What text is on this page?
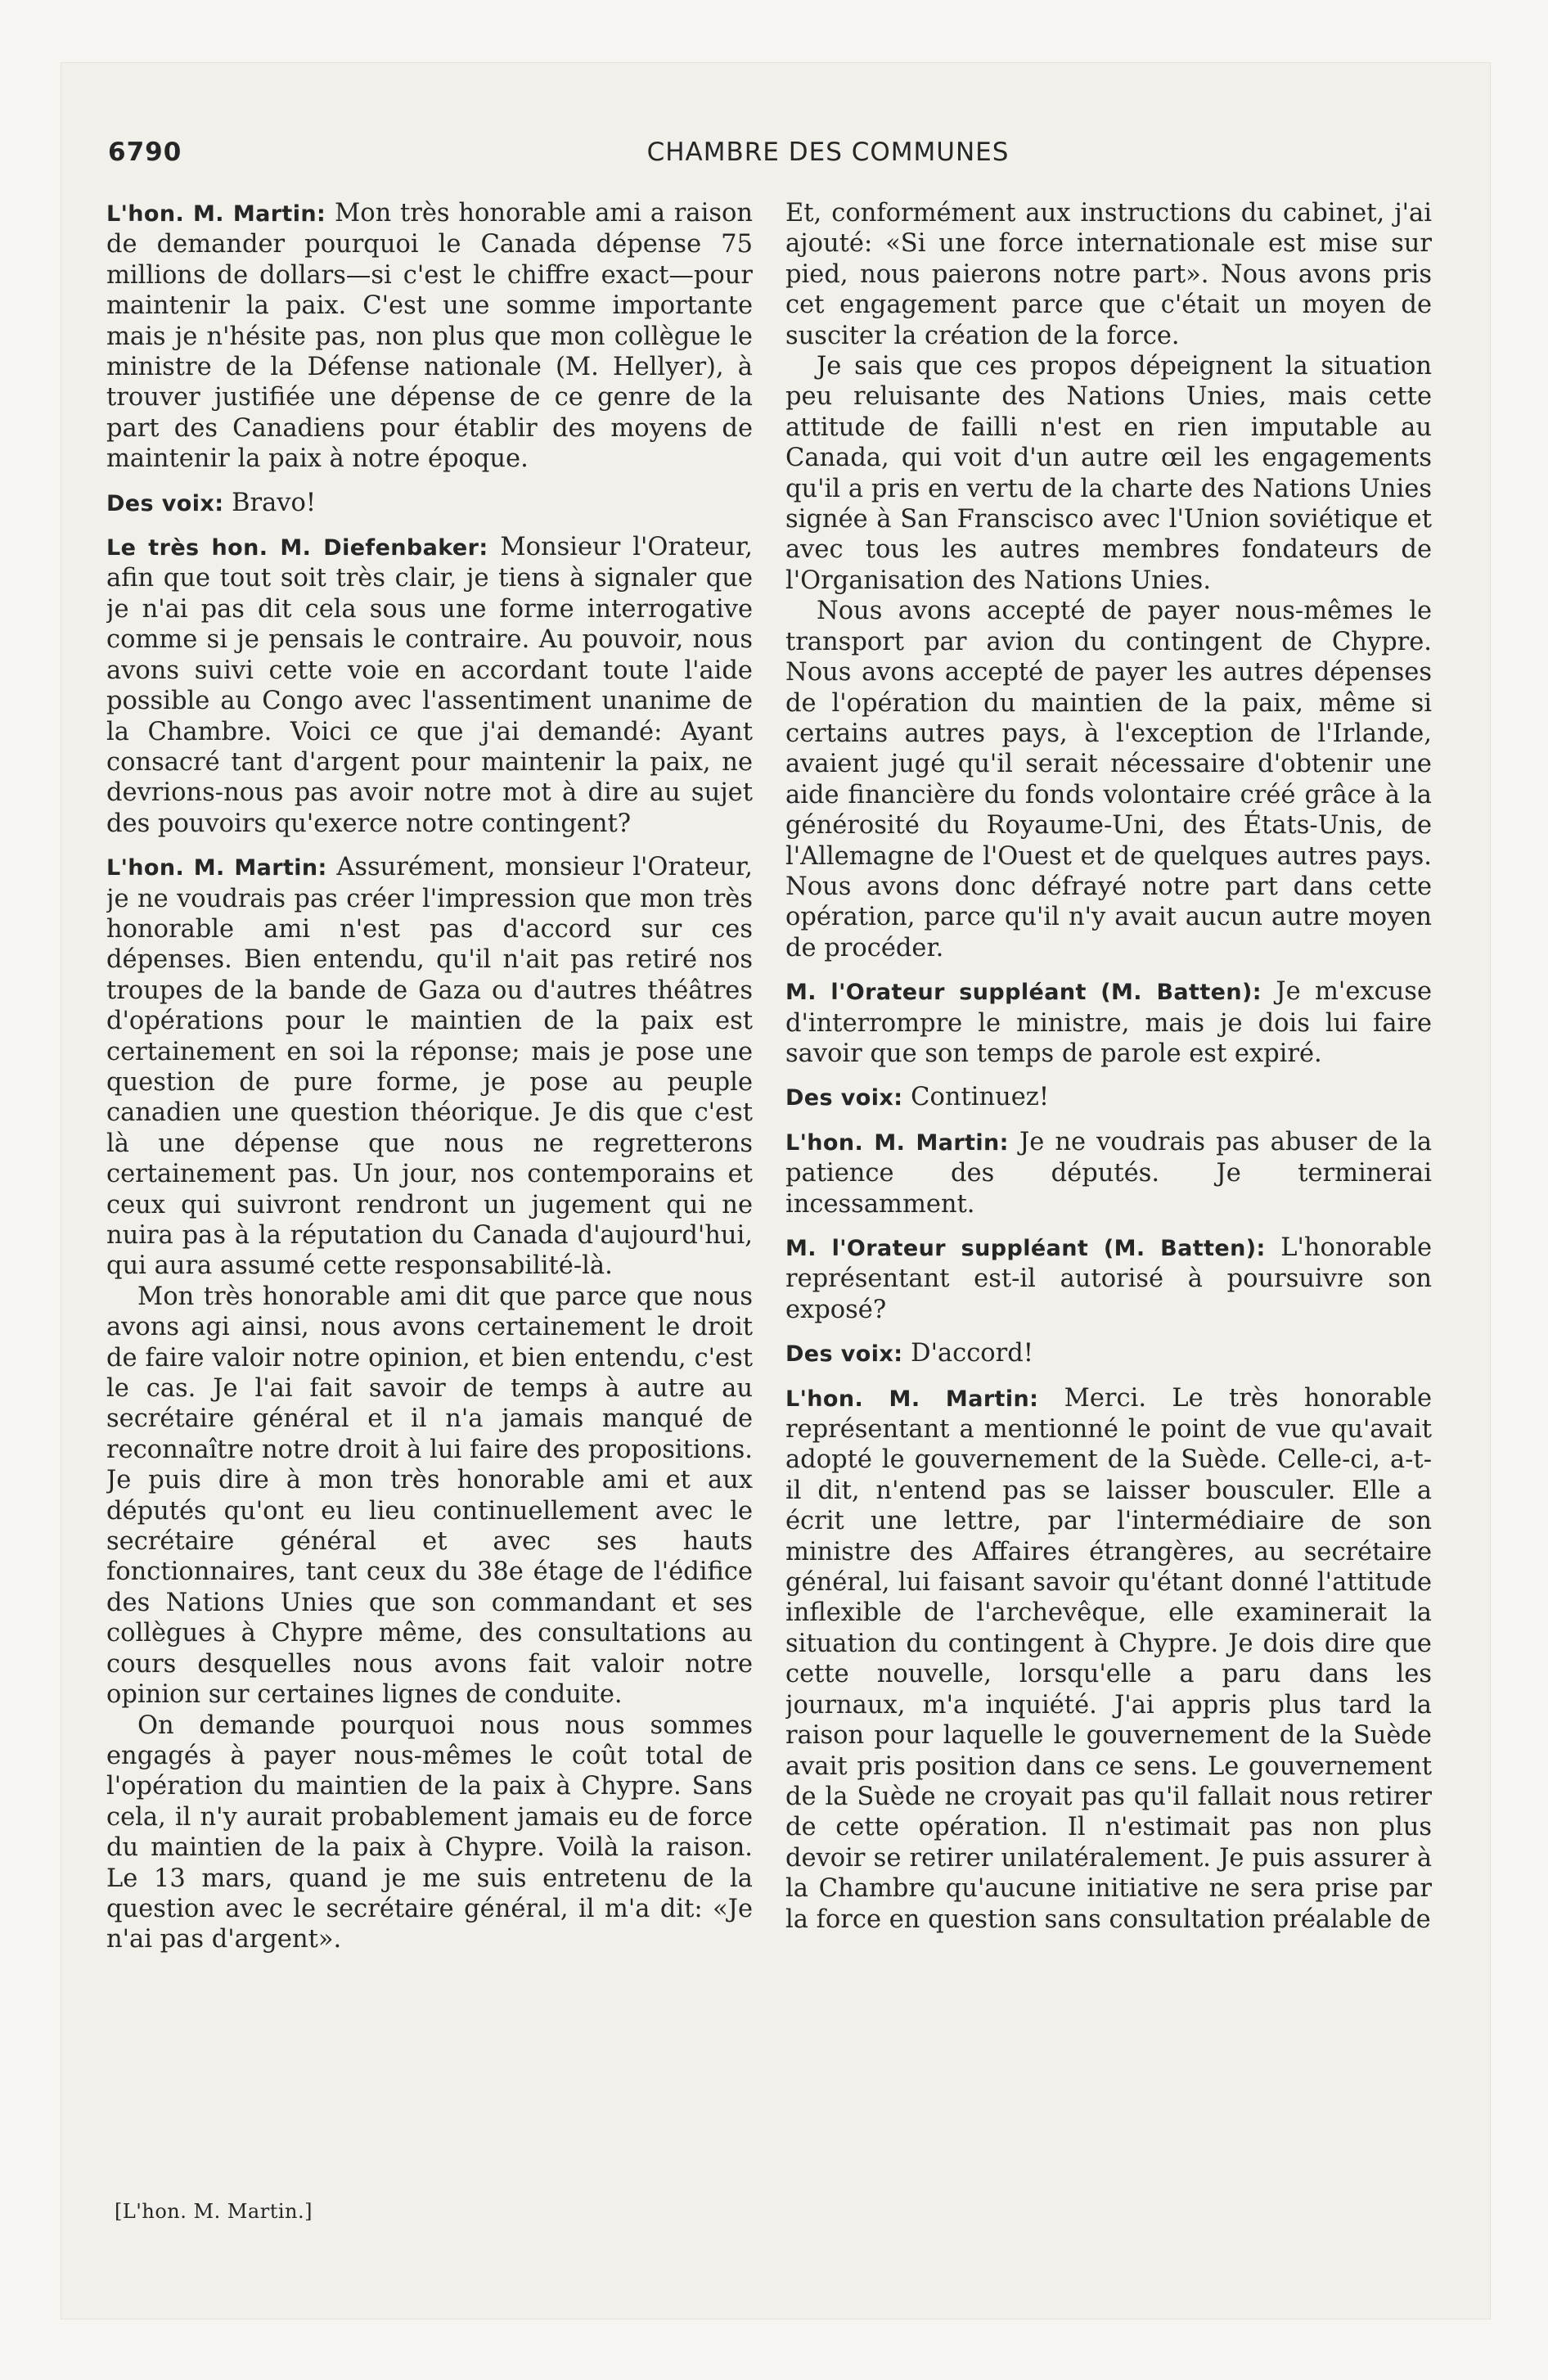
6790	CHAMBRE DES COMMUNES

L'hon. M. Martin: Mon très honorable ami a raison de demander pourquoi le Canada dépense 75 millions de dollars—si c'est le chiffre exact—pour maintenir la paix. C'est une somme importante mais je n'hésite pas, non plus que mon collègue le ministre de la Défense nationale (M. Hellyer), à trouver justifiée une dépense de ce genre de la part des Canadiens pour établir des moyens de maintenir la paix à notre époque.

Des voix: Bravo!

Le très hon. M. Diefenbaker: Monsieur l'Orateur, afin que tout soit très clair, je tiens à signaler que je n'ai pas dit cela sous une forme interrogative comme si je pensais le contraire. Au pouvoir, nous avons suivi cette voie en accordant toute l'aide possible au Congo avec l'assentiment unanime de la Chambre. Voici ce que j'ai demandé: Ayant consacré tant d'argent pour maintenir la paix, ne devrions-nous pas avoir notre mot à dire au sujet des pouvoirs qu'exerce notre contingent?

L'hon. M. Martin: Assurément, monsieur l'Orateur, je ne voudrais pas créer l'impression que mon très honorable ami n'est pas d'accord sur ces dépenses. Bien entendu, qu'il n'ait pas retiré nos troupes de la bande de Gaza ou d'autres théâtres d'opérations pour le maintien de la paix est certainement en soi la réponse; mais je pose une question de pure forme, je pose au peuple canadien une question théorique. Je dis que c'est là une dépense que nous ne regretterons certainement pas. Un jour, nos contemporains et ceux qui suivront rendront un jugement qui ne nuira pas à la réputation du Canada d'aujourd'hui, qui aura assumé cette responsabilité-là.

Mon très honorable ami dit que parce que nous avons agi ainsi, nous avons certainement le droit de faire valoir notre opinion, et bien entendu, c'est le cas. Je l'ai fait savoir de temps à autre au secrétaire général et il n'a jamais manqué de reconnaître notre droit à lui faire des propositions. Je puis dire à mon très honorable ami et aux députés qu'ont eu lieu continuellement avec le secrétaire général et avec ses hauts fonctionnaires, tant ceux du 38e étage de l'édifice des Nations Unies que son commandant et ses collègues à Chypre même, des consultations au cours desquelles nous avons fait valoir notre opinion sur certaines lignes de conduite.

On demande pourquoi nous nous sommes engagés à payer nous-mêmes le coût total de l'opération du maintien de la paix à Chypre. Sans cela, il n'y aurait probablement jamais eu de force du maintien de la paix à Chypre. Voilà la raison. Le 13 mars, quand je me suis entretenu de la question avec le secrétaire général, il m'a dit: «Je n'ai pas d'argent».

Et, conformément aux instructions du cabinet, j'ai ajouté: «Si une force internationale est mise sur pied, nous paierons notre part». Nous avons pris cet engagement parce que c'était un moyen de susciter la création de la force.

Je sais que ces propos dépeignent la situation peu reluisante des Nations Unies, mais cette attitude de failli n'est en rien imputable au Canada, qui voit d'un autre œil les engagements qu'il a pris en vertu de la charte des Nations Unies signée à San Franscisco avec l'Union soviétique et avec tous les autres membres fondateurs de l'Organisation des Nations Unies.

Nous avons accepté de payer nous-mêmes le transport par avion du contingent de Chypre. Nous avons accepté de payer les autres dépenses de l'opération du maintien de la paix, même si certains autres pays, à l'exception de l'Irlande, avaient jugé qu'il serait nécessaire d'obtenir une aide financière du fonds volontaire créé grâce à la générosité du Royaume-Uni, des États-Unis, de l'Allemagne de l'Ouest et de quelques autres pays. Nous avons donc défrayé notre part dans cette opération, parce qu'il n'y avait aucun autre moyen de procéder.

M. l'Orateur suppléant (M. Batten): Je m'excuse d'interrompre le ministre, mais je dois lui faire savoir que son temps de parole est expiré.

Des voix: Continuez!

L'hon. M. Martin: Je ne voudrais pas abuser de la patience des députés. Je terminerai incessamment.

M. l'Orateur suppléant (M. Batten): L'honorable représentant est-il autorisé à poursuivre son exposé?

Des voix: D'accord!

L'hon. M. Martin: Merci. Le très honorable représentant a mentionné le point de vue qu'avait adopté le gouvernement de la Suède. Celle-ci, a-t-il dit, n'entend pas se laisser bousculer. Elle a écrit une lettre, par l'intermédiaire de son ministre des Affaires étrangères, au secrétaire général, lui faisant savoir qu'étant donné l'attitude inflexible de l'archevêque, elle examinerait la situation du contingent à Chypre. Je dois dire que cette nouvelle, lorsqu'elle a paru dans les journaux, m'a inquiété. J'ai appris plus tard la raison pour laquelle le gouvernement de la Suède avait pris position dans ce sens. Le gouvernement de la Suède ne croyait pas qu'il fallait nous retirer de cette opération. Il n'estimait pas non plus devoir se retirer unilatéralement. Je puis assurer à la Chambre qu'aucune initiative ne sera prise par la force en question sans consultation préalable de

[L'hon. M. Martin.]
